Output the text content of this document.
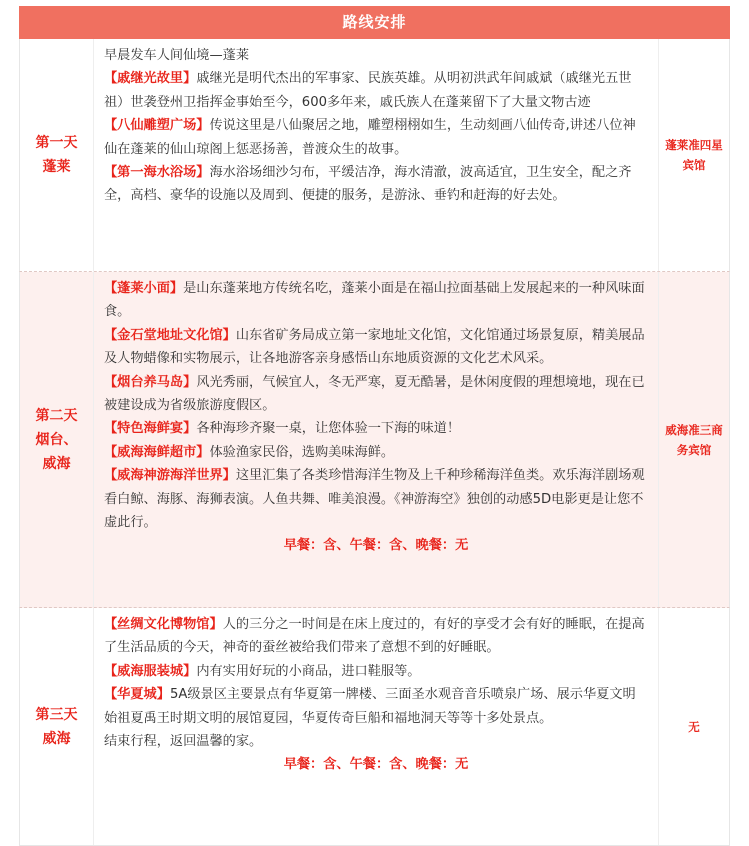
路线安排
第一天
蓬莱
早晨发车人间仙境—蓬莱
【戚继光故里】戚继光是明代杰出的军事家、民族英雄。从明初洪武年间戚斌（戚继光五世祖）世袭登州卫指挥金事始至今，600多年来，戚氏族人在蓬莱留下了大量文物古迹
【八仙雕塑广场】传说这里是八仙聚居之地，雕塑栩栩如生，生动刻画八仙传奇,讲述八位神仙在蓬莱的仙山琼阁上惩恶扬善，普渡众生的故事。
【第一海水浴场】海水浴场细沙匀布，平缓洁净，海水清澈，波高适宜，卫生安全，配之齐全，高档、豪华的设施以及周到、便捷的服务，是游泳、垂钓和赶海的好去处。
蓬莱准四星宾馆
第二天
烟台、
威海
【蓬莱小面】是山东蓬莱地方传统名吃，蓬莱小面是在福山拉面基础上发展起来的一种风味面食。
【金石堂地址文化馆】山东省矿务局成立第一家地址文化馆，文化馆通过场景复原，精美展品及人物蜡像和实物展示，让各地游客亲身感悟山东地质资源的文化艺术风采。
【烟台养马岛】风光秀丽，气候宜人，冬无严寒，夏无酷暑，是休闲度假的理想境地，现在已被建设成为省级旅游度假区。
【特色海鲜宴】各种海珍齐聚一桌，让您体验一下海的味道！
【威海海鲜超市】体验渔家民俗，选购美味海鲜。
【威海神游海洋世界】这里汇集了各类珍惜海洋生物及上千种珍稀海洋鱼类。欢乐海洋剧场观看白鲸、海豚、海狮表演。人鱼共舞、唯美浪漫。《神游海空》独创的动感5D电影更是让您不虚此行。
早餐：含、午餐：含、晚餐：无
威海准三商务宾馆
第三天
威海
【丝绸文化博物馆】人的三分之一时间是在床上度过的，有好的享受才会有好的睡眠，在提高了生活品质的今天，神奇的蚕丝被给我们带来了意想不到的好睡眠。
【威海服装城】内有实用好玩的小商品，进口鞋服等。
【华夏城】5A级景区主要景点有华夏第一牌楼、三面圣水观音音乐喷泉广场、展示华夏文明始祖夏禹王时期文明的展馆夏园，华夏传奇巨船和福地洞天等等十多处景点。
结束行程，返回温馨的家。
早餐：含、午餐：含、晚餐：无
无
